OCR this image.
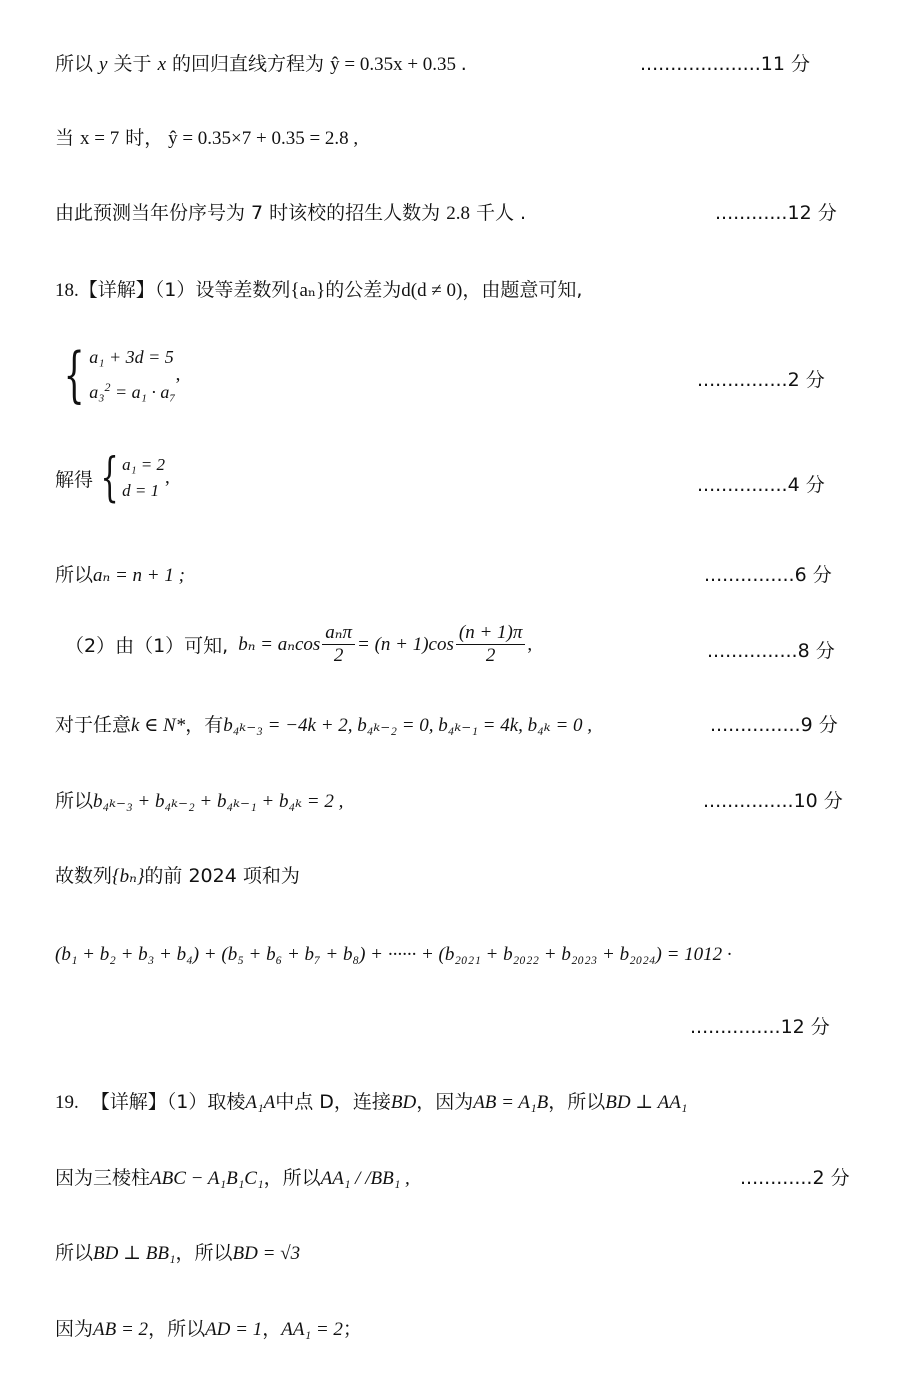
所以 y 关于 x 的回归直线方程为 ŷ = 0.35x + 0.35 .	....................11 分
当 x = 7 时， ŷ = 0.35×7 + 0.35 = 2.8 ,
由此预测当年份序号为 7 时该校的招生人数为 2.8 千人 .	............12 分
18.【详解】（1）设等差数列{aₙ}的公差为d(d ≠ 0)，由题意可知,
{ a₁ + 3d = 5
a₃$^2$ = a₁ · a₇
,	...............2 分
解得 { a₁ = 2
d = 1
,	...............4 分
所以aₙ = n + 1 ;	...............6 分
（2）由（1）可知, bₙ = aₙcos $\frac{\text{aₙπ}}{2} = (n + 1)\cos \frac{(n + 1)\pi}{2}$ ,	...............8 分
对于任意k ∈ N*，有b₄ₖ₋₃ = −4k + 2, b₄ₖ₋₂ = 0, b₄ₖ₋₁ = 4k, b₄ₖ = 0 ,	...............9 分
所以b₄ₖ₋₃ + b₄ₖ₋₂ + b₄ₖ₋₁ + b₄ₖ = 2 ,	...............10 分
故数列{bₙ}的前 2024 项和为
(b₁ + b₂ + b₃ + b₄) + (b₅ + b₆ + b₇ + b₈) + ······ + (b₂₀₂₁ + b₂₀₂₂ + b₂₀₂₃ + b₂₀₂₄) = 1012 ·
...............12 分
19. 【详解】（1）取棱A₁A中点 D，连接BD，因为AB = A₁B，所以BD ⊥ AA₁
因为三棱柱ABC − A₁B₁C₁，所以AA₁ / /BB₁ ,	............2 分
所以BD ⊥ BB₁，所以BD = √3
因为AB = 2，所以AD = 1，AA₁ = 2；
